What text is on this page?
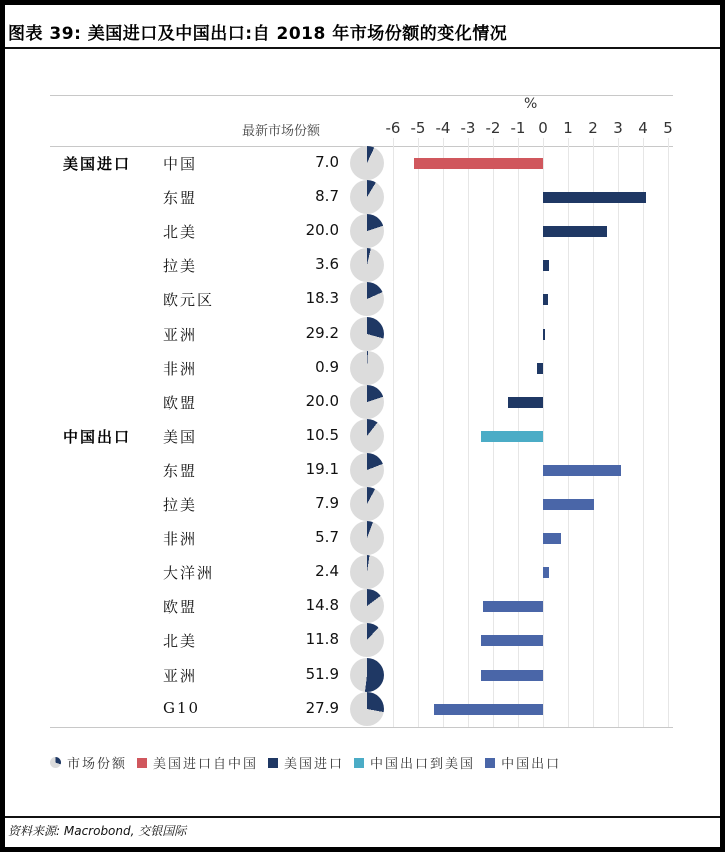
图表 39: 美国进口及中国出口:自 2018 年市场份额的变化情况
最新市场份额
%
-6 -5 -4 -3 -2 -1 0	1	2	3	4	5
美国进口 中国	7.0
东盟	8.7
北美	20.0
拉美	3.6
欧元区	18.3
亚洲	29.2
非洲	0.9
欧盟	20.0
中国出口 美国	10.5
东盟	19.1
拉美	7.9
非洲	5.7
大洋洲	2.4
欧盟	14.8
北美	11.8
亚洲	51.9
G10	27.9
市场份额 美国进口自中国 美国进口 中国出口到美国 中国出口
资料来源: Macrobond, 交银国际
